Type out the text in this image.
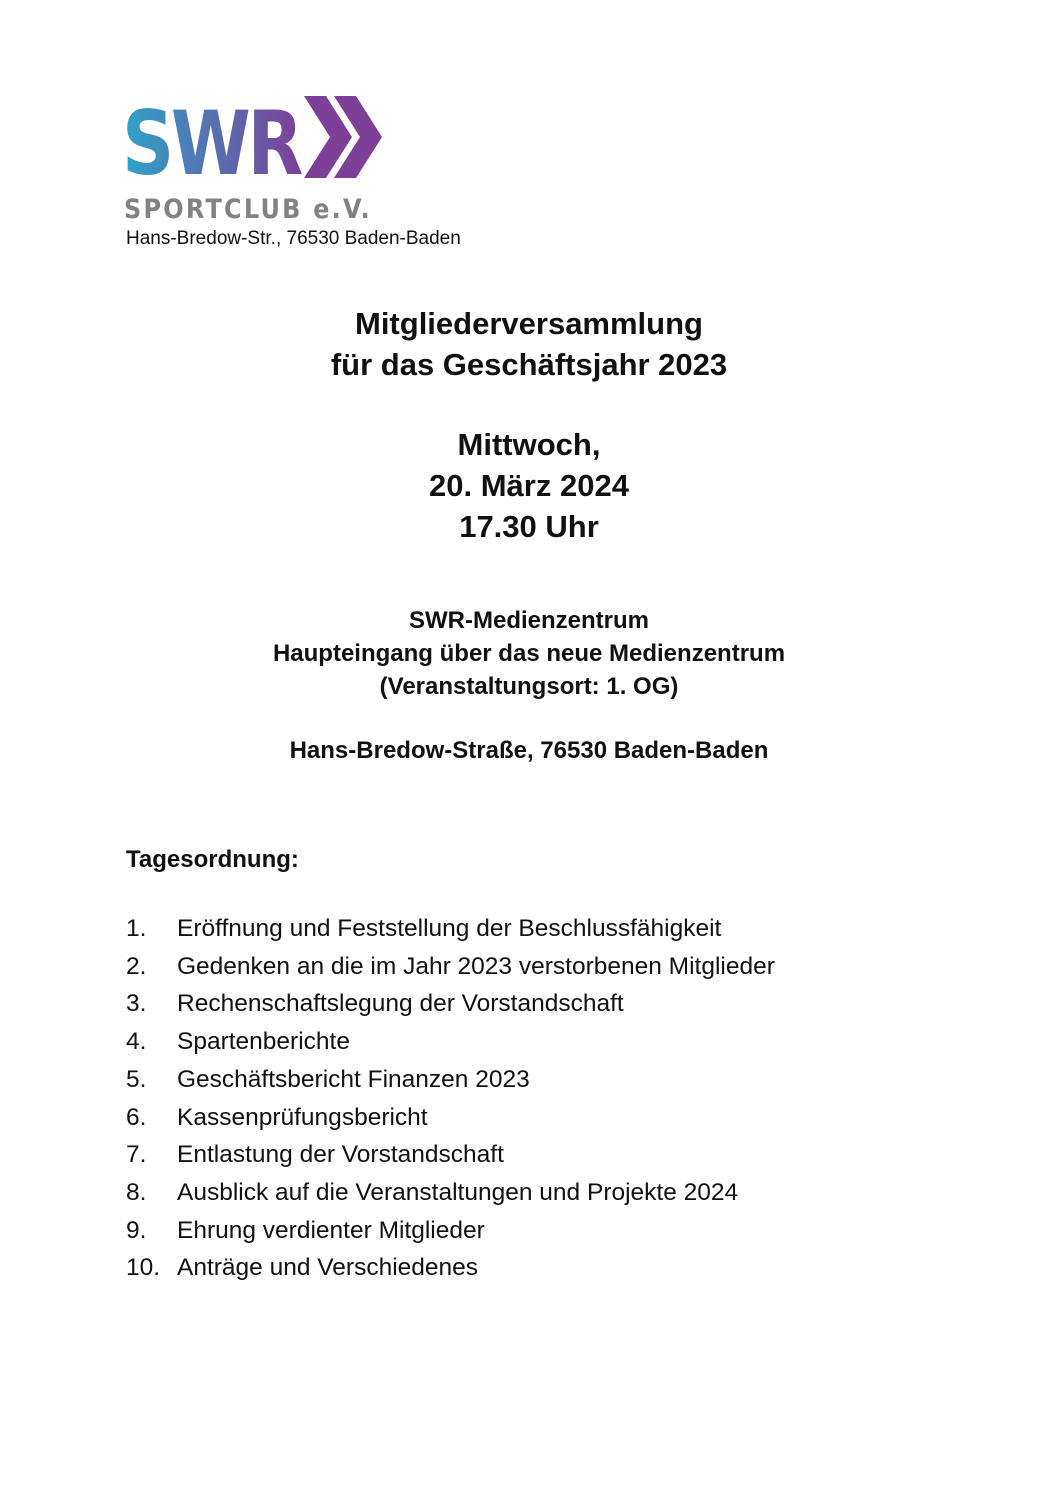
SWR
SPORTCLUB e.V.
Hans-Bredow-Str., 76530 Baden-Baden
Mitgliederversammlung
für das Geschäftsjahr 2023
Mittwoch,
20. März 2024
17.30 Uhr
SWR-Medienzentrum
Haupteingang über das neue Medienzentrum
(Veranstaltungsort: 1. OG)
Hans-Bredow-Straße, 76530 Baden-Baden
Tagesordnung:
1.	Eröffnung und Feststellung der Beschlussfähigkeit
2.	Gedenken an die im Jahr 2023 verstorbenen Mitglieder
3.	Rechenschaftslegung der Vorstandschaft
4.	Spartenberichte
5.	Geschäftsbericht Finanzen 2023
6.	Kassenprüfungsbericht
7.	Entlastung der Vorstandschaft
8.	Ausblick auf die Veranstaltungen und Projekte 2024
9.	Ehrung verdienter Mitglieder
10. Anträge und Verschiedenes
